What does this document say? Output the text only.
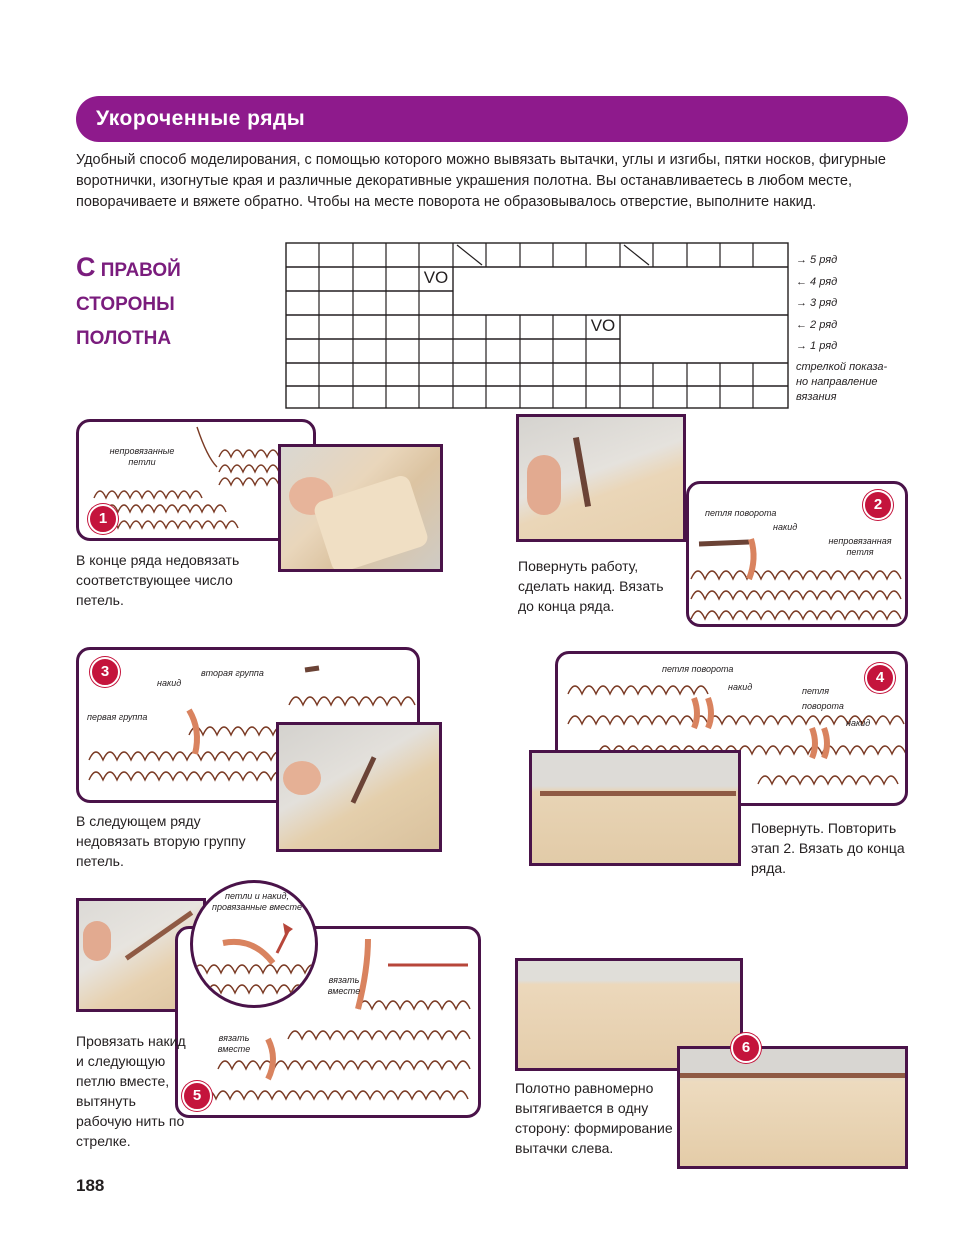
Укороченные ряды
Удобный способ моделирования, с помощью которого можно вывязать вытачки, углы и изгибы, пятки носков, фигурные воротнички, изогнутые края и различные декоративные украшения полотна. Вы останавливаетесь в любом месте, поворачиваете и вяжете обратно. Чтобы на месте поворота не образовывалось отверстие, выполните накид.
С ПРАВОЙ СТОРОНЫ
ПОЛОТНА
VO
VO
→ 5 ряд
← 4 ряд
→ 3 ряд
← 2 ряд
→ 1 ряд
стрелкой показа-но направление вязания
непровязанные петли
1
В конце ряда недовязать соответствующее число петель.
петля поворота
накид
непровязанная петля
2
Повернуть работу, сделать накид. Вязать до конца ряда.
вторая группа
накид
первая группа
3
В следующем ряду недовязать вторую группу петель.
петля поворота
накид	петля поворота
накид
4
Повернуть. Повторить этап 2. Вязать до конца ряда.
вязать вместе
вязать вместе
петли и накид, провязанные вместе
5
Провязать накид и следующую петлю вместе, вытянуть рабочую нить по стрелке.
6
Полотно равномерно вытягивается в одну сторону: формирование вытачки слева.
188
